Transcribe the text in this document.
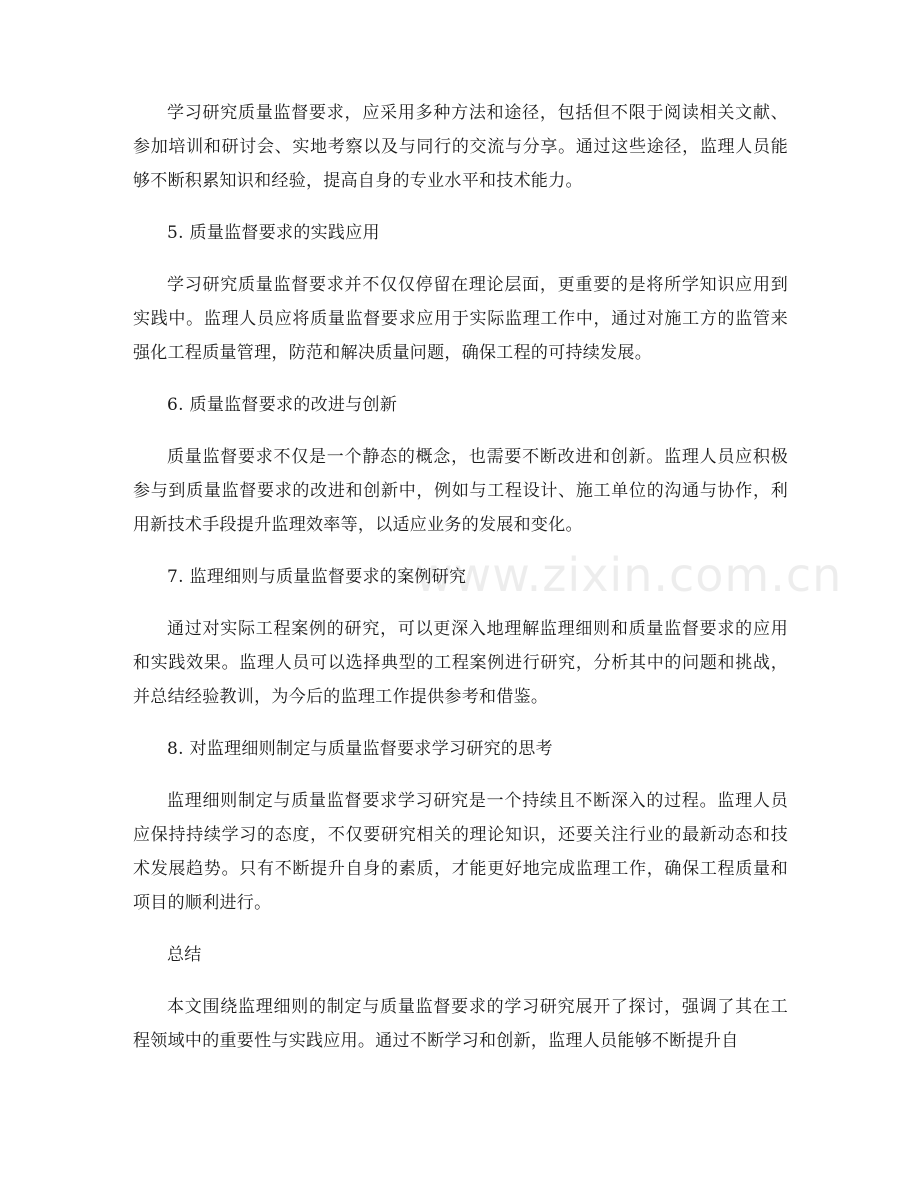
学习研究质量监督要求，应采用多种方法和途径，包括但不限于阅读相关文献、参加培训和研讨会、实地考察以及与同行的交流与分享。通过这些途径，监理人员能够不断积累知识和经验，提高自身的专业水平和技术能力。

5. 质量监督要求的实践应用

学习研究质量监督要求并不仅仅停留在理论层面，更重要的是将所学知识应用到实践中。监理人员应将质量监督要求应用于实际监理工作中，通过对施工方的监管来强化工程质量管理，防范和解决质量问题，确保工程的可持续发展。

6. 质量监督要求的改进与创新

质量监督要求不仅是一个静态的概念，也需要不断改进和创新。监理人员应积极参与到质量监督要求的改进和创新中，例如与工程设计、施工单位的沟通与协作，利用新技术手段提升监理效率等，以适应业务的发展和变化。

7. 监理细则与质量监督要求的案例研究

通过对实际工程案例的研究，可以更深入地理解监理细则和质量监督要求的应用和实践效果。监理人员可以选择典型的工程案例进行研究，分析其中的问题和挑战，并总结经验教训，为今后的监理工作提供参考和借鉴。

8. 对监理细则制定与质量监督要求学习研究的思考

监理细则制定与质量监督要求学习研究是一个持续且不断深入的过程。监理人员应保持持续学习的态度，不仅要研究相关的理论知识，还要关注行业的最新动态和技术发展趋势。只有不断提升自身的素质，才能更好地完成监理工作，确保工程质量和项目的顺利进行。

总结

本文围绕监理细则的制定与质量监督要求的学习研究展开了探讨，强调了其在工程领域中的重要性与实践应用。通过不断学习和创新，监理人员能够不断提升自

www.zixin.com.cn
